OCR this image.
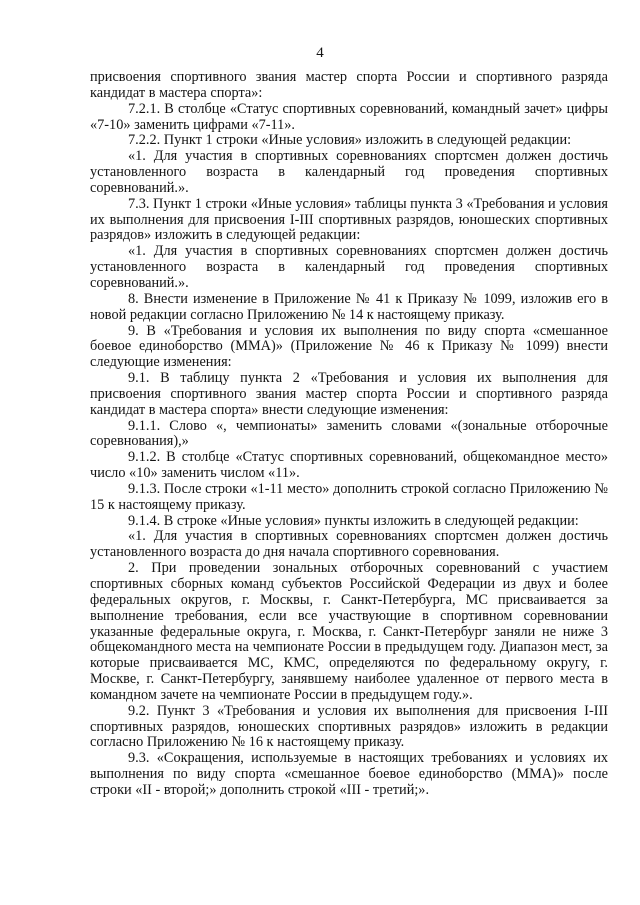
4

присвоения спортивного звания мастер спорта России и спортивного разряда кандидат в мастера спорта»:

7.2.1. В столбце «Статус спортивных соревнований, командный зачет» цифры «7-10» заменить цифрами «7-11».

7.2.2. Пункт 1 строки «Иные условия» изложить в следующей редакции:

«1. Для участия в спортивных соревнованиях спортсмен должен достичь установленного возраста в календарный год проведения спортивных соревнований.».

7.3. Пункт 1 строки «Иные условия» таблицы пункта 3 «Требования и условия их выполнения для присвоения I-III спортивных разрядов, юношеских спортивных разрядов» изложить в следующей редакции:

«1. Для участия в спортивных соревнованиях спортсмен должен достичь установленного возраста в календарный год проведения спортивных соревнований.».

8. Внести изменение в Приложение № 41 к Приказу № 1099, изложив его в новой редакции согласно Приложению № 14 к настоящему приказу.

9. В «Требования и условия их выполнения по виду спорта «смешанное боевое единоборство (ММА)» (Приложение № 46 к Приказу № 1099) внести следующие изменения:

9.1. В таблицу пункта 2 «Требования и условия их выполнения для присвоения спортивного звания мастер спорта России и спортивного разряда кандидат в мастера спорта» внести следующие изменения:

9.1.1. Слово «, чемпионаты» заменить словами «(зональные отборочные соревнования),»

9.1.2. В столбце «Статус спортивных соревнований, общекомандное место» число «10» заменить числом «11».

9.1.3. После строки «1-11 место» дополнить строкой согласно Приложению № 15 к настоящему приказу.

9.1.4. В строке «Иные условия» пункты изложить в следующей редакции:

«1. Для участия в спортивных соревнованиях спортсмен должен достичь установленного возраста до дня начала спортивного соревнования.

2. При проведении зональных отборочных соревнований с участием спортивных сборных команд субъектов Российской Федерации из двух и более федеральных округов, г. Москвы, г. Санкт-Петербурга, МС присваивается за выполнение требования, если все участвующие в спортивном соревновании указанные федеральные округа, г. Москва, г. Санкт-Петербург заняли не ниже 3 общекомандного места на чемпионате России в предыдущем году. Диапазон мест, за которые присваивается МС, КМС, определяются по федеральному округу, г. Москве, г. Санкт-Петербургу, занявшему наиболее удаленное от первого места в командном зачете на чемпионате России в предыдущем году.».

9.2. Пункт 3 «Требования и условия их выполнения для присвоения I-III спортивных разрядов, юношеских спортивных разрядов» изложить в редакции согласно Приложению № 16 к настоящему приказу.

9.3. «Сокращения, используемые в настоящих требованиях и условиях их выполнения по виду спорта «смешанное боевое единоборство (ММА)» после строки «II - второй;» дополнить строкой «III - третий;».
